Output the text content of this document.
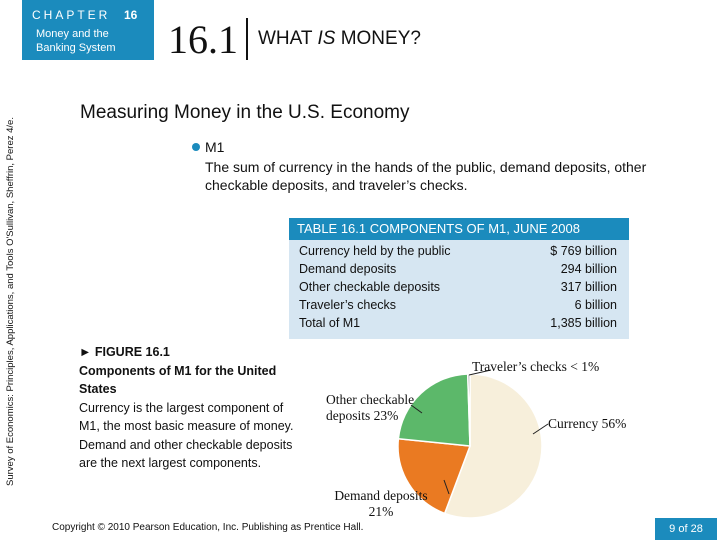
Survey of Economics: Principles, Applications, and Tools O'Sullivan, Sheffrin, Perez 4/e.
CHAPTER 16
Money and the Banking System	16.1 WHAT IS MONEY?
Measuring Money in the U.S. Economy
M1
The sum of currency in the hands of the public, demand deposits, other checkable deposits, and traveler’s checks.
TABLE 16.1 COMPONENTS OF M1, JUNE 2008
Currency held by the public	$ 769 billion
Demand deposits	294 billion
Other checkable deposits	317 billion
Traveler’s checks	6 billion
Total of M1	1,385 billion
► FIGURE 16.1
Components of M1 for the United States
Currency is the largest component of M1, the most basic measure of money. Demand and other checkable deposits are the next largest components.
Traveler’s checks < 1%
Other checkable deposits 23%
Currency 56%
Demand deposits 21%
Copyright © 2010 Pearson Education, Inc. Publishing as Prentice Hall.	9 of 28
